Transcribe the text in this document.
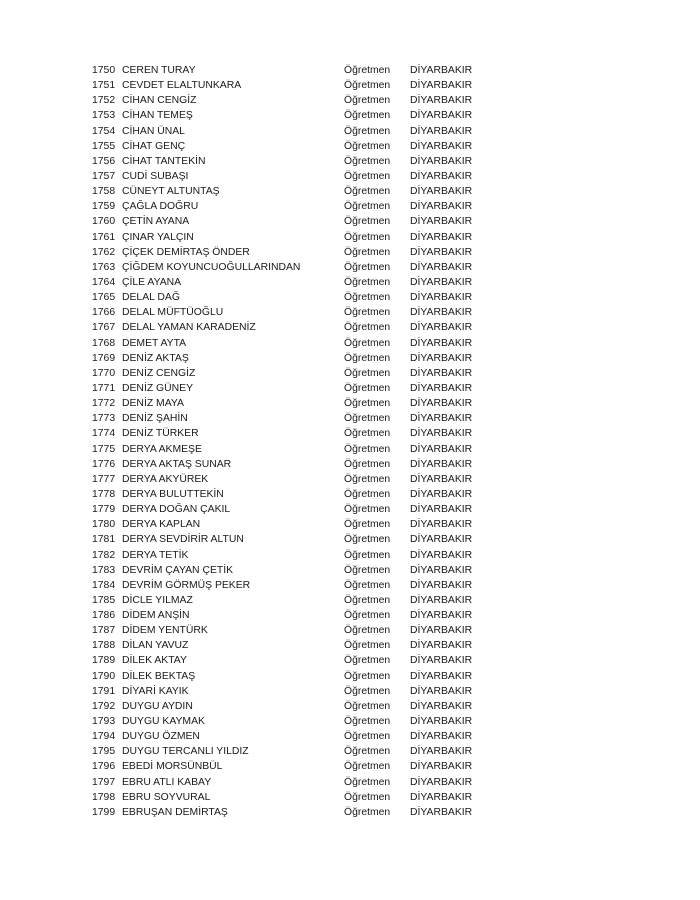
1750 CEREN TURAY	Öğretmen DİYARBAKIR
1751 CEVDET ELALTUNKARA	Öğretmen DİYARBAKIR
1752 CİHAN CENGİZ	Öğretmen DİYARBAKIR
1753 CİHAN TEMEŞ	Öğretmen DİYARBAKIR
1754 CİHAN ÜNAL	Öğretmen DİYARBAKIR
1755 CİHAT GENÇ	Öğretmen DİYARBAKIR
1756 CİHAT TANTEKİN	Öğretmen DİYARBAKIR
1757 CUDİ SUBAŞI	Öğretmen DİYARBAKIR
1758 CÜNEYT ALTUNTAŞ	Öğretmen DİYARBAKIR
1759 ÇAĞLA DOĞRU	Öğretmen DİYARBAKIR
1760 ÇETİN AYANA	Öğretmen DİYARBAKIR
1761 ÇINAR YALÇIN	Öğretmen DİYARBAKIR
1762 ÇİÇEK DEMİRTAŞ ÖNDER	Öğretmen DİYARBAKIR
1763 ÇİĞDEM KOYUNCUOĞULLARINDAN	Öğretmen DİYARBAKIR
1764 ÇİLE AYANA	Öğretmen DİYARBAKIR
1765 DELAL DAĞ	Öğretmen DİYARBAKIR
1766 DELAL MÜFTÜOĞLU	Öğretmen DİYARBAKIR
1767 DELAL YAMAN KARADENİZ	Öğretmen DİYARBAKIR
1768 DEMET AYTA	Öğretmen DİYARBAKIR
1769 DENİZ AKTAŞ	Öğretmen DİYARBAKIR
1770 DENİZ CENGİZ	Öğretmen DİYARBAKIR
1771 DENİZ GÜNEY	Öğretmen DİYARBAKIR
1772 DENİZ MAYA	Öğretmen DİYARBAKIR
1773 DENİZ ŞAHİN	Öğretmen DİYARBAKIR
1774 DENİZ TÜRKER	Öğretmen DİYARBAKIR
1775 DERYA AKMEŞE	Öğretmen DİYARBAKIR
1776 DERYA AKTAŞ SUNAR	Öğretmen DİYARBAKIR
1777 DERYA AKYÜREK	Öğretmen DİYARBAKIR
1778 DERYA BULUTTEKİN	Öğretmen DİYARBAKIR
1779 DERYA DOĞAN ÇAKIL	Öğretmen DİYARBAKIR
1780 DERYA KAPLAN	Öğretmen DİYARBAKIR
1781 DERYA SEVDİRİR ALTUN	Öğretmen DİYARBAKIR
1782 DERYA TETİK	Öğretmen DİYARBAKIR
1783 DEVRİM ÇAYAN ÇETİK	Öğretmen DİYARBAKIR
1784 DEVRİM GÖRMÜŞ PEKER	Öğretmen DİYARBAKIR
1785 DİCLE YILMAZ	Öğretmen DİYARBAKIR
1786 DİDEM ANŞİN	Öğretmen DİYARBAKIR
1787 DİDEM YENTÜRK	Öğretmen DİYARBAKIR
1788 DİLAN YAVUZ	Öğretmen DİYARBAKIR
1789 DİLEK AKTAY	Öğretmen DİYARBAKIR
1790 DİLEK BEKTAŞ	Öğretmen DİYARBAKIR
1791 DİYARİ KAYIK	Öğretmen DİYARBAKIR
1792 DUYGU AYDIN	Öğretmen DİYARBAKIR
1793 DUYGU KAYMAK	Öğretmen DİYARBAKIR
1794 DUYGU ÖZMEN	Öğretmen DİYARBAKIR
1795 DUYGU TERCANLI YILDIZ	Öğretmen DİYARBAKIR
1796 EBEDİ MORSÜNBÜL	Öğretmen DİYARBAKIR
1797 EBRU ATLI KABAY	Öğretmen DİYARBAKIR
1798 EBRU SOYVURAL	Öğretmen DİYARBAKIR
1799 EBRUŞAN DEMİRTAŞ	Öğretmen DİYARBAKIR
